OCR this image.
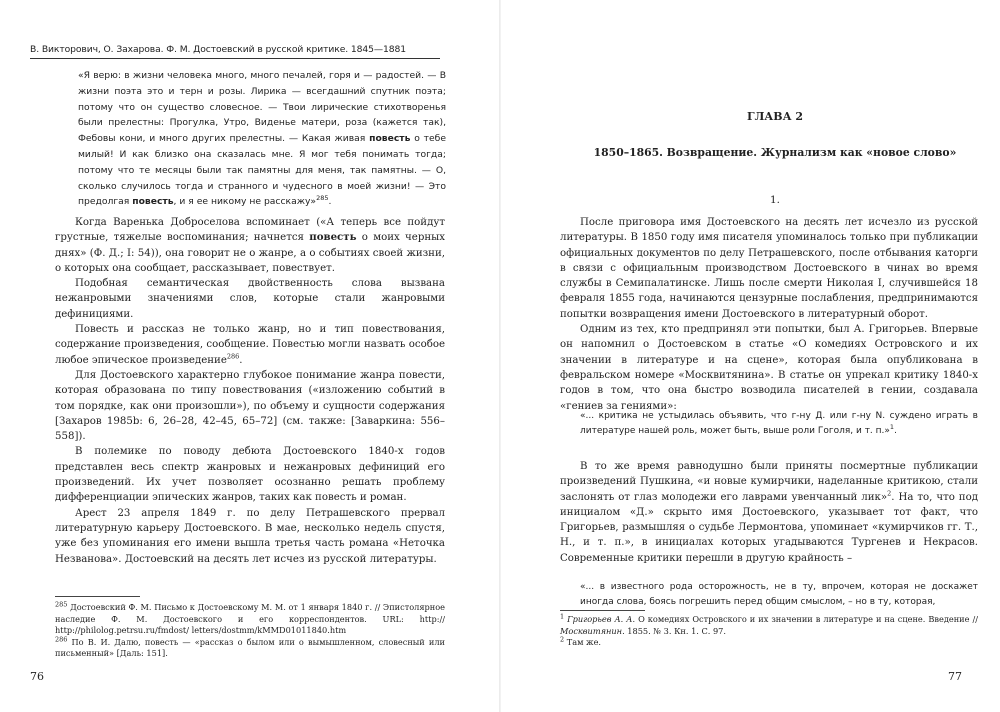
В. Викторович, О. Захарова. Ф. М. Достоевский в русской критике. 1845—1881

«Я верю: в жизни человека много, много печалей, горя и — радостей. — В жизни поэта это и терн и розы. Лирика — всегдашний спутник поэта; потому что он существо словесное. — Твои лирические стихотворенья были прелестны: Прогулка, Утро, Виденье матери, роза (кажется так), Фебовы кони, и много других прелестны. — Какая живая повесть о тебе милый! И как близко она сказалась мне. Я мог тебя понимать тогда; потому что те месяцы были так памятны для меня, так памятны. — О, сколько случилось тогда и странного и чудесного в моей жизни! — Это предолгая повесть, и я ее никому не расскажу»$^{285}$.

Когда Варенька Доброселова вспоминает («А теперь все пойдут грустные, тяжелые воспоминания; начнется повесть о моих черных днях» (Ф. Д.; I: 54)), она говорит не о жанре, а о событиях своей жизни, о которых она сообщает, рассказывает, повествует.

Подобная семантическая двойственность слова вызвана нежанровыми значениями слов, которые стали жанровыми дефинициями.

Повесть и рассказ не только жанр, но и тип повествования, содержание произведения, сообщение. Повестью могли назвать особое любое эпическое произведение$^{286}$.

Для Достоевского характерно глубокое понимание жанра повести, которая образована по типу повествования («изложению событий в том порядке, как они произошли»), по объему и сущности содержания [Захаров 1985b: 6, 26–28, 42–45, 65–72] (см. также: [Заваркина: 556–558]).

В полемике по поводу дебюта Достоевского 1840-х годов представлен весь спектр жанровых и нежанровых дефиниций его произведений. Их учет позволяет осознанно решать проблему дифференциации эпических жанров, таких как повесть и роман.

Арест 23 апреля 1849 г. по делу Петрашевского прервал литературную карьеру Достоевского. В мае, несколько недель спустя, уже без упоминания его имени вышла третья часть романа «Неточка Незванова». Достоевский на десять лет исчез из русской литературы.

$^{285}$ Достоевский Ф. М. Письмо к Достоевскому М. М. от 1 января 1840 г. // Эпистолярное наследие Ф. М. Достоевского и его корреспондентов. URL: http:// http://philolog.petrsu.ru/fmdost/ letters/dostmm/kMMD01011840.htm

$^{286}$ По В. И. Далю, повесть — «рассказ о былом или о вымышленном, словесный или письменный» [Даль: 151].

76
ГЛАВА 2
1850–1865. Возвращение. Журнализм как «новое слово»
1.

После приговора имя Достоевского на десять лет исчезло из русской литературы. В 1850 году имя писателя упоминалось только при публикации официальных документов по делу Петрашевского, после отбывания каторги в связи с официальным производством Достоевского в чинах во время службы в Семипалатинске. Лишь после смерти Николая I, случившейся 18 февраля 1855 года, начинаются цензурные послабления, предпринимаются попытки возвращения имени Достоевского в литературный оборот.

Одним из тех, кто предпринял эти попытки, был А. Григорьев. Впервые он напомнил о Достоевском в статье «О комедиях Островского и их значении в литературе и на сцене», которая была опубликована в февральском номере «Москвитянина». В статье он упрекал критику 1840-х годов в том, что она быстро возводила писателей в гении, создавала «гениев за гениями»:

«... критика не устыдилась объявить, что г-ну Д. или г-ну N. суждено играть в литературе нашей роль, может быть, выше роли Гоголя, и т. п.»$^1$.

В то же время равнодушно были приняты посмертные публикации произведений Пушкина, «и новые кумирчики, наделанные критикою, стали заслонять от глаз молодежи его лаврами увенчанный лик»$^2$. На то, что под инициалом «Д.» скрыто имя Достоевского, указывает тот факт, что Григорьев, размышляя о судьбе Лермонтова, упоминает «кумирчиков гг. Т., Н., и т. п.», в инициалах которых угадываются Тургенев и Некрасов. Современные критики перешли в другую крайность –

«... в известного рода осторожность, не в ту, впрочем, которая не доскажет иногда слова, боясь погрешить перед общим смыслом, – но в ту, которая,

$^1$ Григорьев А. А. О комедиях Островского и их значении в литературе и на сцене. Введение // Москвитянин. 1855. № 3. Кн. 1. С. 97.

$^2$ Там же.

77
